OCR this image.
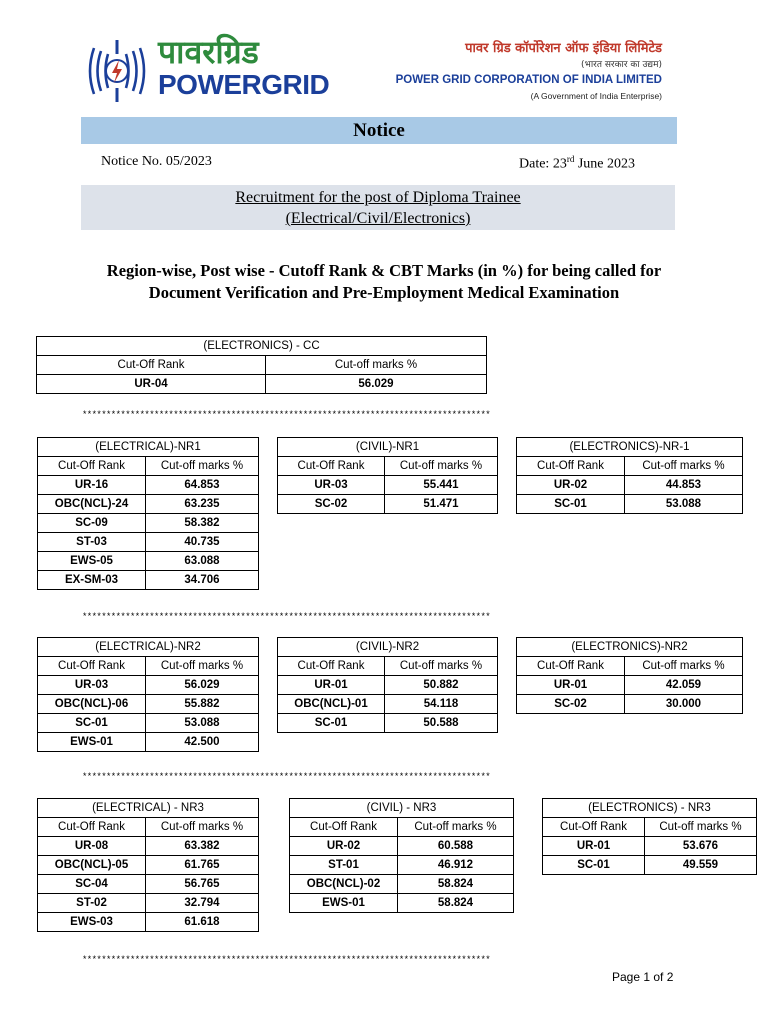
पावरग्रिड
POWERGRID
पावर ग्रिड कॉर्पोरेशन ऑफ इंडिया लिमिटेड
(भारत सरकार का उद्यम)
POWER GRID CORPORATION OF INDIA LIMITED
(A Government of India Enterprise)
Notice
Notice No. 05/2023	Date: 23rd June 2023
Recruitment for the post of Diploma Trainee
(Electrical/Civil/Electronics)
Region-wise, Post wise - Cutoff Rank & CBT Marks (in %) for being called for
Document Verification and Pre-Employment Medical Examination
*************************************************************************************
*************************************************************************************
*************************************************************************************
*************************************************************************************
(ELECTRONICS) - CC	
Cut-Off Rank	Cut-off marks %
UR-04	56.029
(ELECTRICAL)-NR1	
Cut-Off Rank	Cut-off marks %
UR-16	64.853
OBC(NCL)-24	63.235
SC-09	58.382
ST-03	40.735
EWS-05	63.088
EX-SM-03	34.706
(CIVIL)-NR1	
Cut-Off Rank	Cut-off marks %
UR-03	55.441
SC-02	51.471
(ELECTRONICS)-NR-1	
Cut-Off Rank	Cut-off marks %
UR-02	44.853
SC-01	53.088
(ELECTRICAL)-NR2	
Cut-Off Rank	Cut-off marks %
UR-03	56.029
OBC(NCL)-06	55.882
SC-01	53.088
EWS-01	42.500
(CIVIL)-NR2	
Cut-Off Rank	Cut-off marks %
UR-01	50.882
OBC(NCL)-01	54.118
SC-01	50.588
(ELECTRONICS)-NR2	
Cut-Off Rank	Cut-off marks %
UR-01	42.059
SC-02	30.000
(ELECTRICAL) - NR3	
Cut-Off Rank	Cut-off marks %
UR-08	63.382
OBC(NCL)-05	61.765
SC-04	56.765
ST-02	32.794
EWS-03	61.618
(CIVIL) - NR3	
Cut-Off Rank	Cut-off marks %
UR-02	60.588
ST-01	46.912
OBC(NCL)-02	58.824
EWS-01	58.824
(ELECTRONICS) - NR3	
Cut-Off Rank	Cut-off marks %
UR-01	53.676
SC-01	49.559
Page 1 of 2
